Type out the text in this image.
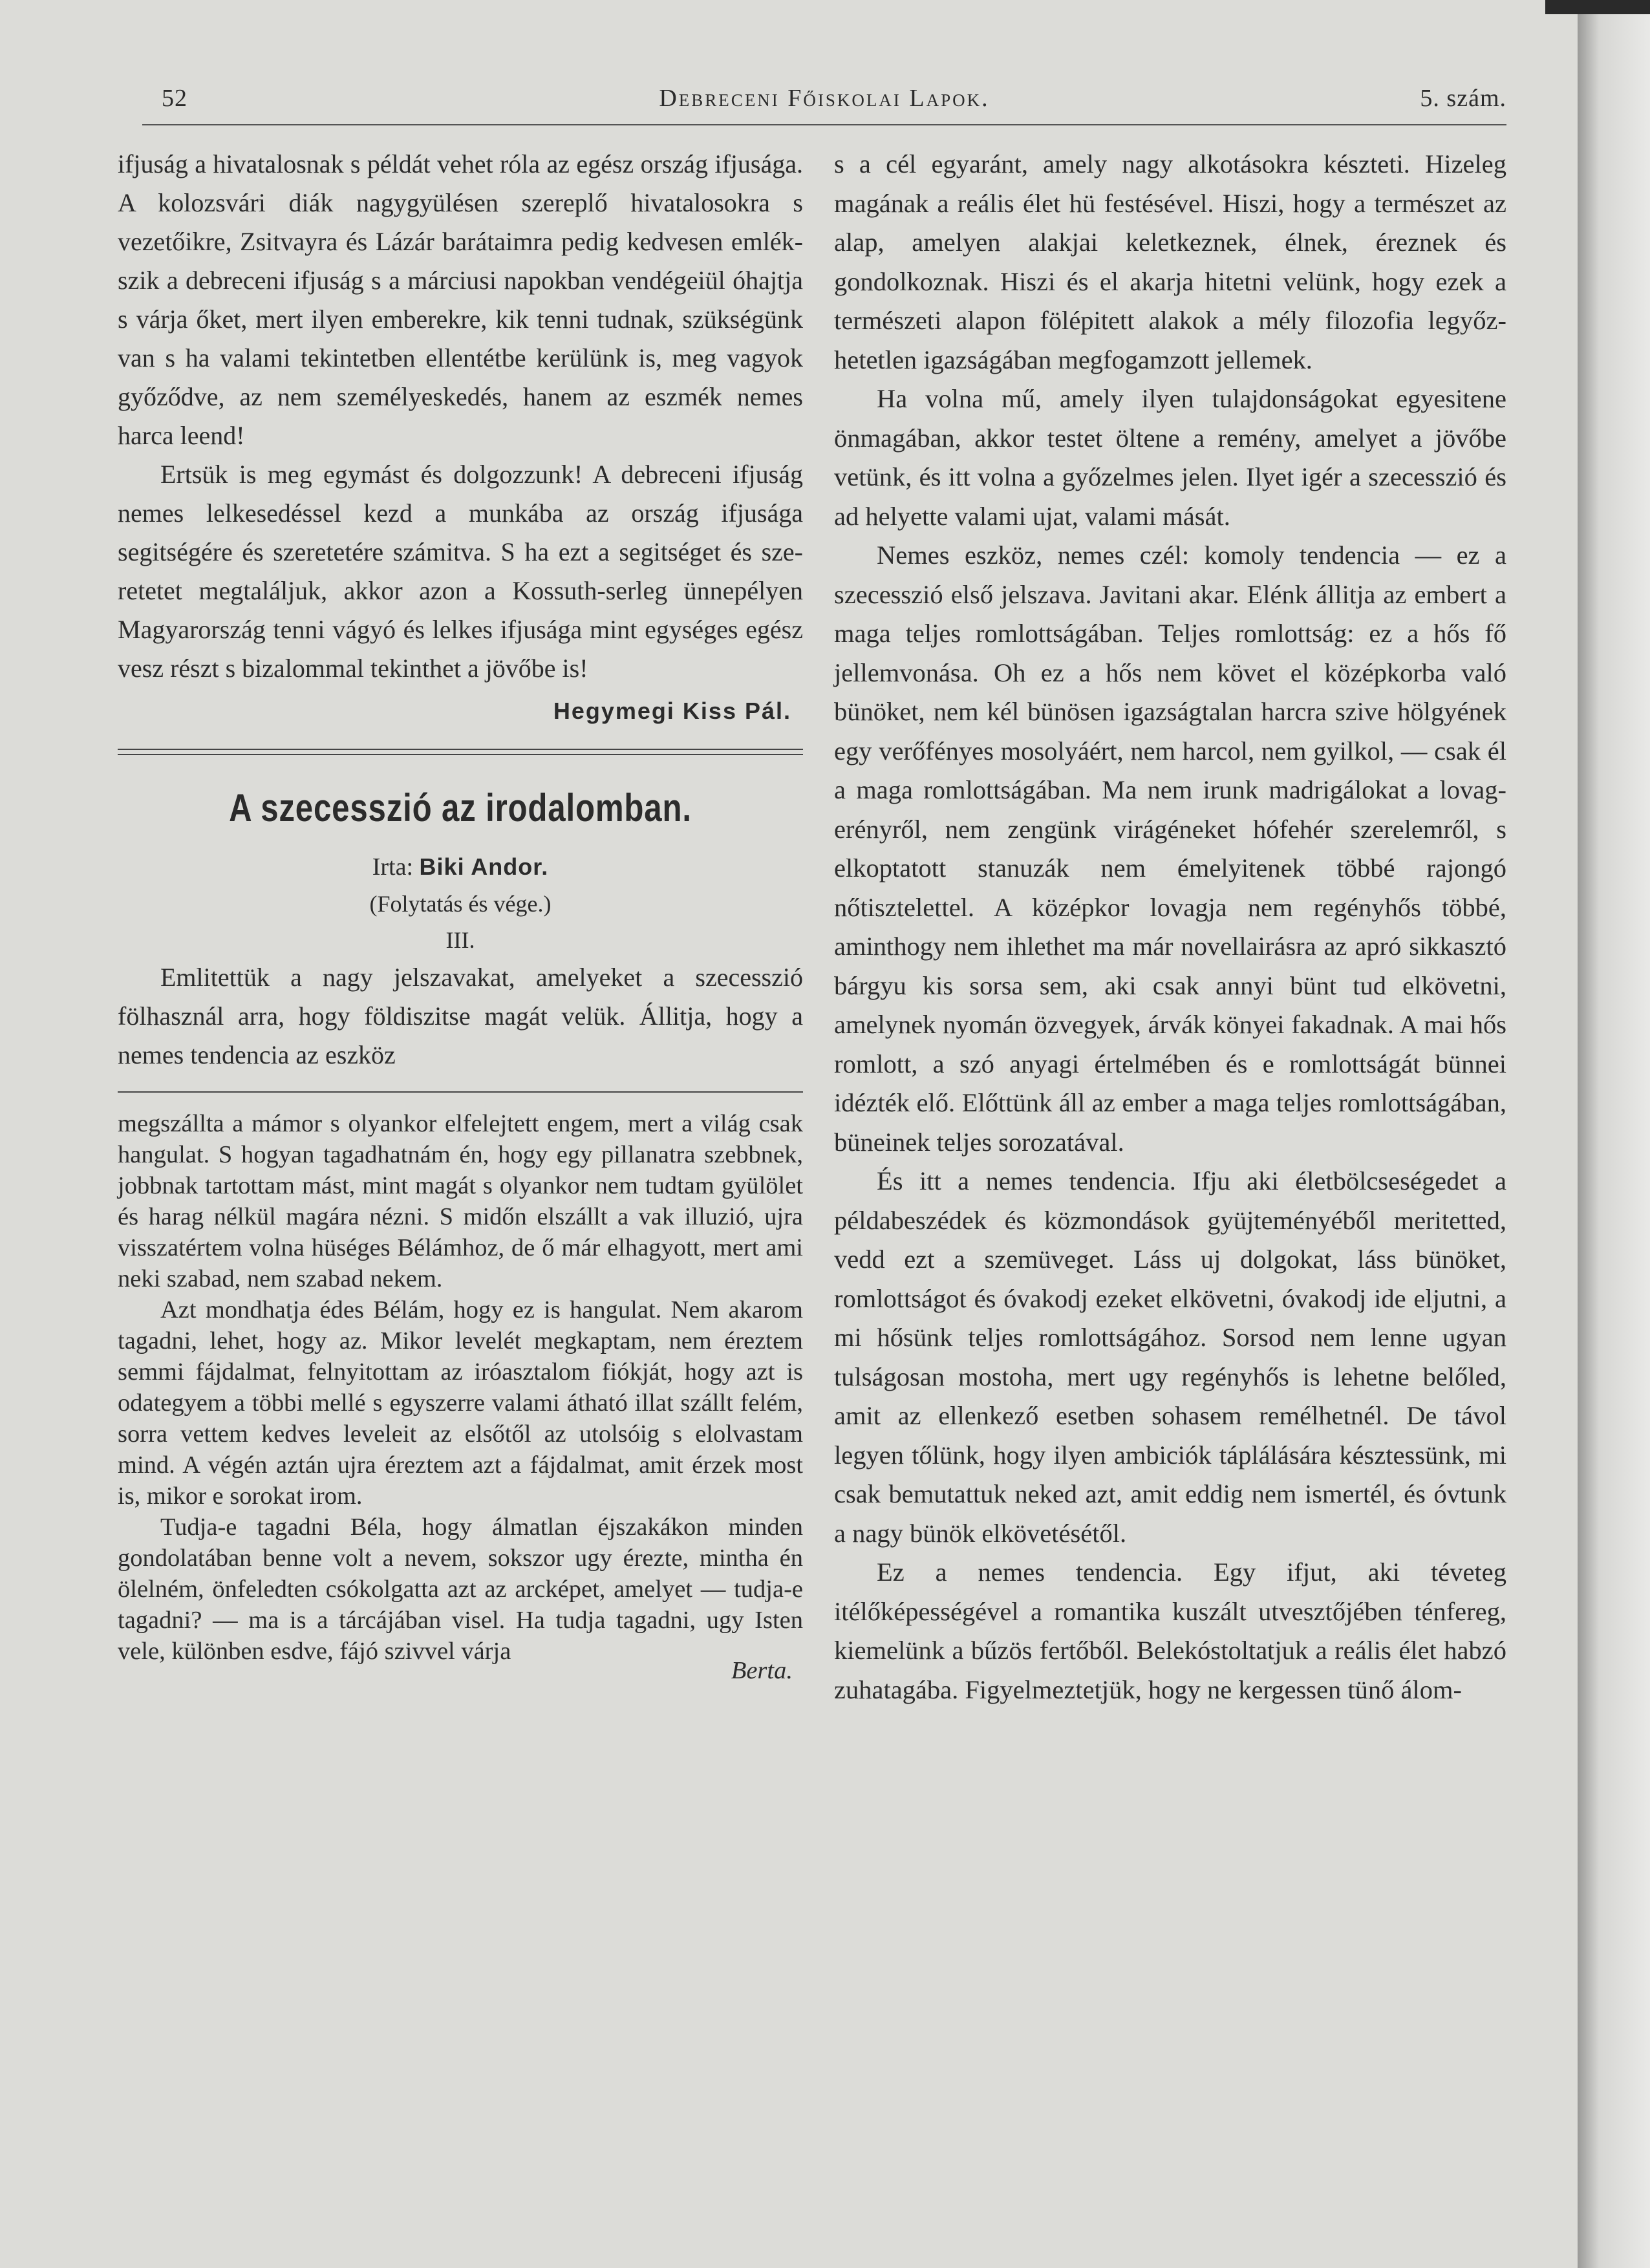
52	Debreceni Főiskolai Lapok.	5. szám.

ifjuság a hivatalosnak s példát vehet róla az egész ország ifjusága. A kolozsvári diák nagygyülésen szereplő hivatalosokra s vezetőikre, Zsitvayra és Lázár barátaimra pedig kedvesen emlékszik a debreceni ifjuság s a márciusi napokban vendégeiül óhajtja s várja őket, mert ilyen emberekre, kik tenni tudnak, szükségünk van s ha valami tekintetben ellentétbe kerülünk is, meg vagyok győződve, az nem személyeskedés, hanem az eszmék nemes harca leend!

Ertsük is meg egymást és dolgozzunk! A debreceni ifjuság nemes lelkesedéssel kezd a munkába az ország ifjusága segitségére és szeretetére számitva. S ha ezt a segitséget és szeretetet megtaláljuk, akkor azon a Kossuth-serleg ünnepélyen Magyarország tenni vágyó és lelkes ifjusága mint egységes egész vesz részt s bizalommal tekinthet a jövőbe is!

Hegymegi Kiss Pál.

A szecesszió az irodalomban.

Irta: Biki Andor.

(Folytatás és vége.)

III.

Emlitettük a nagy jelszavakat, amelyeket a szecesszió fölhasznál arra, hogy földiszitse magát velük. Állitja, hogy a nemes tendencia az eszköz

megszállta a mámor s olyankor elfelejtett engem, mert a világ csak hangulat. S hogyan tagadhatnám én, hogy egy pillanatra szebbnek, jobbnak tartottam mást, mint magát s olyankor nem tudtam gyülölet és harag nélkül magára nézni. S midőn elszállt a vak illuzió, ujra visszatértem volna hüséges Bélámhoz, de ő már elhagyott, mert ami neki szabad, nem szabad nekem.

Azt mondhatja édes Bélám, hogy ez is hangulat. Nem akarom tagadni, lehet, hogy az. Mikor levelét megkaptam, nem éreztem semmi fájdalmat, felnyitottam az iróasztalom fiókját, hogy azt is odategyem a többi mellé s egyszerre valami átható illat szállt felém, sorra vettem kedves leveleit az elsőtől az utolsóig s elolvastam mind. A végén aztán ujra éreztem azt a fájdalmat, amit érzek most is, mikor e sorokat irom.

Tudja-e tagadni Béla, hogy álmatlan éjszakákon minden gondolatában benne volt a nevem, sokszor ugy érezte, mintha én ölelném, önfeledten csókolgatta azt az arcképet, amelyet — tudja-e tagadni? — ma is a tárcájában visel. Ha tudja tagadni, ugy Isten vele, különben esdve, fájó szivvel várja

Berta.

s a cél egyaránt, amely nagy alkotásokra készteti. Hizeleg magának a reális élet hü festésével. Hiszi, hogy a természet az alap, amelyen alakjai keletkeznek, élnek, éreznek és gondolkoznak. Hiszi és el akarja hitetni velünk, hogy ezek a természeti alapon fölépitett alakok a mély filozofia legyőzhetetlen igazságában megfogamzott jellemek.

Ha volna mű, amely ilyen tulajdonságokat egyesitene önmagában, akkor testet öltene a remény, amelyet a jövőbe vetünk, és itt volna a győzelmes jelen. Ilyet igér a szecesszió és ad helyette valami ujat, valami mását.

Nemes eszköz, nemes czél: komoly tendencia — ez a szecesszió első jelszava. Javitani akar. Elénk állitja az embert a maga teljes romlottságában. Teljes romlottság: ez a hős fő jellemvonása. Oh ez a hős nem követ el középkorba való bünöket, nem kél bünösen igazságtalan harcra szive hölgyének egy verőfényes mosolyáért, nem harcol, nem gyilkol, — csak él a maga romlottságában. Ma nem irunk madrigálokat a lovagerényről, nem zengünk virágéneket hófehér szerelemről, s elkoptatott stanuzák nem émelyitenek többé rajongó nőtisztelettel. A középkor lovagja nem regényhős többé, aminthogy nem ihlethet ma már novellairásra az apró sikkasztó bárgyu kis sorsa sem, aki csak annyi bünt tud elkövetni, amelynek nyomán özvegyek, árvák könyei fakadnak. A mai hős romlott, a szó anyagi értelmében és e romlottságát bünnei idézték elő. Előttünk áll az ember a maga teljes romlottságában, büneinek teljes sorozatával.

És itt a nemes tendencia. Ifju aki életbölcseségedet a példabeszédek és közmondások gyüjteményéből meritetted, vedd ezt a szemüveget. Láss uj dolgokat, láss bünöket, romlottságot és óvakodj ezeket elkövetni, óvakodj ide eljutni, a mi hősünk teljes romlottságához. Sorsod nem lenne ugyan tulságosan mostoha, mert ugy regényhős is lehetne belőled, amit az ellenkező esetben sohasem remélhetnél. De távol legyen tőlünk, hogy ilyen ambiciók táplálására késztessünk, mi csak bemutattuk neked azt, amit eddig nem ismertél, és óvtunk a nagy bünök elkövetésétől.

Ez a nemes tendencia. Egy ifjut, aki téveteg itélőképességével a romantika kuszált utvesztőjében ténfereg, kiemelünk a bűzös fertőből. Belekóstoltatjuk a reális élet habzó zuhatagába. Figyelmeztetjük, hogy ne kergessen tünő álom-
